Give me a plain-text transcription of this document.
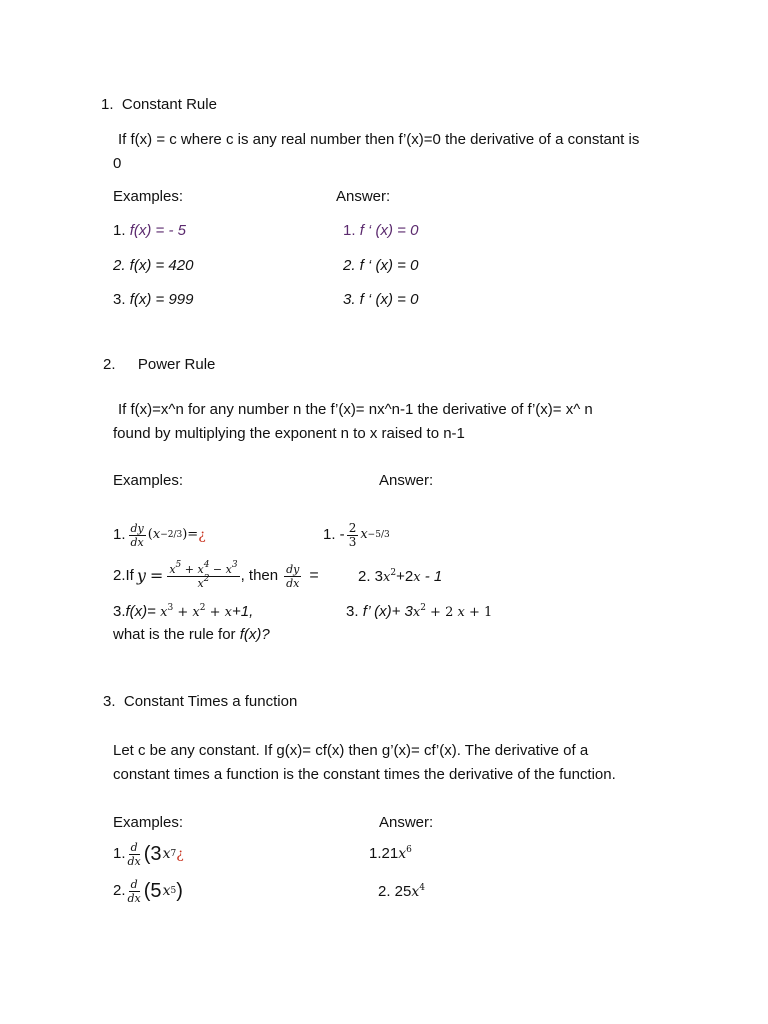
1. Constant Rule
If f(x) = c where c is any real number then f’(x)=0 the derivative of a constant is
0
Examples:	Answer:
1. f(x) = - 5	1. f ‘ (x) = 0
2. f(x) = 420	2. f ‘ (x) = 0
3. f(x) = 999	3. f ‘ (x) = 0
2. Power Rule
If f(x)=x^n for any number n the f’(x)= nx^n-1 the derivative of f’(x)= x^ n
found by multiplying the exponent n to x raised to n-1
Examples:	Answer:
1. $\frac{dy}{dx}$ ( x −2/3 )= ¿	1. - $\frac{2}{3}$ x −5/3
2.If $y = \frac{x^5 + x^4 - x^3}{x^2}$ , then $\frac{dy}{dx}$ =	2. $3x^2+2x - 1$
$3.f(x)= x^3 + x^2 + x+1$,	3. f’ $(x)+ 3x^2 + 2$ x + 1
what is the rule for f(x)?
3. Constant Times a function
Let c be any constant. If g(x)= cf(x) then g’(x)= cf’(x). The derivative of a
constant times a function is the constant times the derivative of the function.
Examples:	Answer:
1. $\frac{d}{dx} (3$ x 7 ¿	$1.21x^6$
2. $\frac{d}{dx} (5$ x 5 )	2. $25x^4$
